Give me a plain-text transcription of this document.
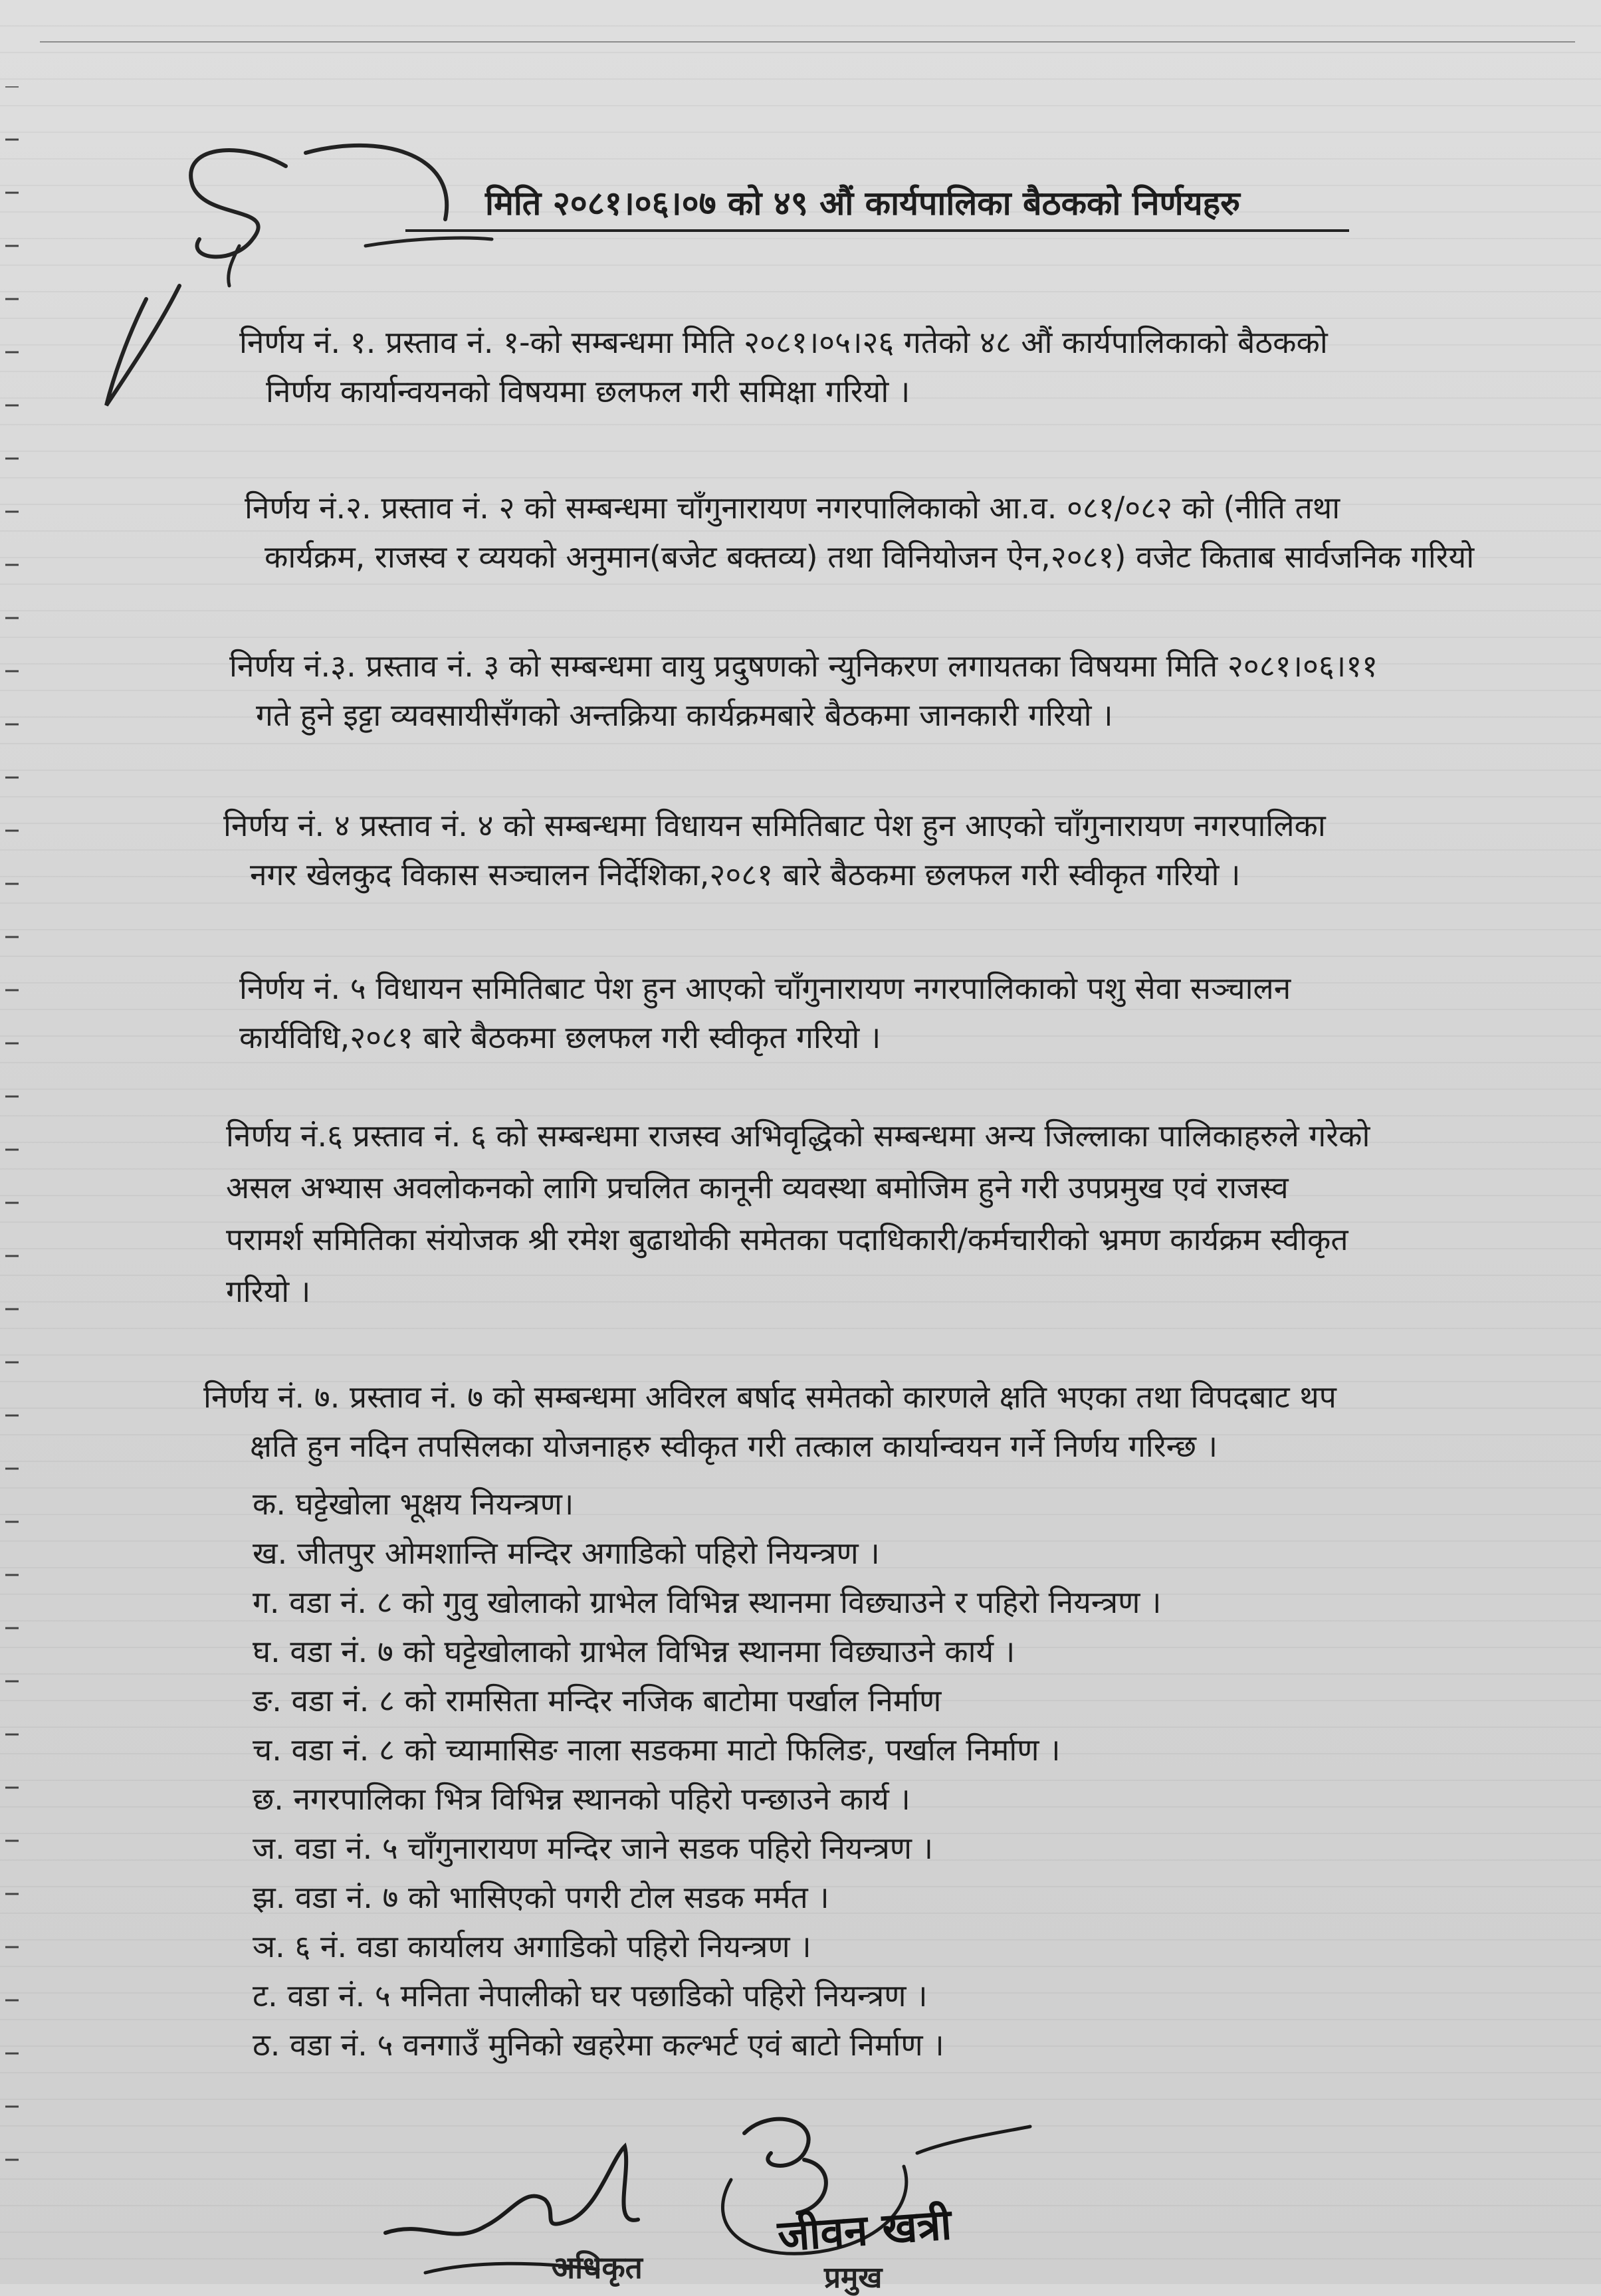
मिति २०८१।०६।०७ को ४९ औं कार्यपालिका बैठकको निर्णयहरु
निर्णय नं. १. प्रस्ताव नं. १-को सम्बन्धमा मिति २०८१।०५।२६ गतेको ४८ औं कार्यपालिकाको बैठकको
निर्णय कार्यान्वयनको विषयमा छलफल गरी समिक्षा गरियो ।
निर्णय नं.२. प्रस्ताव नं. २ को सम्बन्धमा चाँगुनारायण नगरपालिकाको आ.व. ०८१/०८२ को (नीति तथा
कार्यक्रम, राजस्व र व्ययको अनुमान(बजेट बक्तव्य) तथा विनियोजन ऐन,२०८१) वजेट किताब सार्वजनिक गरियो
निर्णय नं.३. प्रस्ताव नं. ३ को सम्बन्धमा वायु प्रदुषणको न्युनिकरण लगायतका विषयमा मिति २०८१।०६।११
गते हुने इट्टा व्यवसायीसँगको अन्तक्रिया कार्यक्रमबारे बैठकमा जानकारी गरियो ।
निर्णय नं. ४ प्रस्ताव नं. ४ को सम्बन्धमा विधायन समितिबाट पेश हुन आएको चाँगुनारायण नगरपालिका
नगर खेलकुद विकास सञ्चालन निर्देशिका,२०८१ बारे बैठकमा छलफल गरी स्वीकृत गरियो ।
निर्णय नं. ५ विधायन समितिबाट पेश हुन आएको चाँगुनारायण नगरपालिकाको पशु सेवा सञ्चालन
कार्यविधि,२०८१ बारे बैठकमा छलफल गरी स्वीकृत गरियो ।
निर्णय नं.६ प्रस्ताव नं. ६ को सम्बन्धमा राजस्व अभिवृद्धिको सम्बन्धमा अन्य जिल्लाका पालिकाहरुले गरेको
असल अभ्यास अवलोकनको लागि प्रचलित कानूनी व्यवस्था बमोजिम हुने गरी उपप्रमुख एवं राजस्व
परामर्श समितिका संयोजक श्री रमेश बुढाथोकी समेतका पदाधिकारी/कर्मचारीको भ्रमण कार्यक्रम स्वीकृत
गरियो ।
निर्णय नं. ७. प्रस्ताव नं. ७ को सम्बन्धमा अविरल बर्षाद समेतको कारणले क्षति भएका तथा विपदबाट थप
क्षति हुन नदिन तपसिलका योजनाहरु स्वीकृत गरी तत्काल कार्यान्वयन गर्ने निर्णय गरिन्छ ।
क. घट्टेखोला भूक्षय नियन्त्रण।
ख. जीतपुर ओमशान्ति मन्दिर अगाडिको पहिरो नियन्त्रण ।
ग. वडा नं. ८ को गुवु खोलाको ग्राभेल विभिन्न स्थानमा विछ्याउने र पहिरो नियन्त्रण ।
घ. वडा नं. ७ को घट्टेखोलाको ग्राभेल विभिन्न स्थानमा विछ्याउने कार्य ।
ङ. वडा नं. ८ को रामसिता मन्दिर नजिक बाटोमा पर्खाल निर्माण
च. वडा नं. ८ को च्यामासिङ नाला सडकमा माटो फिलिङ, पर्खाल निर्माण ।
छ. नगरपालिका भित्र विभिन्न स्थानको पहिरो पन्छाउने कार्य ।
ज. वडा नं. ५ चाँगुनारायण मन्दिर जाने सडक पहिरो नियन्त्रण ।
झ. वडा नं. ७ को भासिएको पगरी टोल सडक मर्मत ।
ञ. ६ नं. वडा कार्यालय अगाडिको पहिरो नियन्त्रण ।
ट. वडा नं. ५ मनिता नेपालीको घर पछाडिको पहिरो नियन्त्रण ।
ठ. वडा नं. ५ वनगाउँ मुनिको खहरेमा कल्भर्ट एवं बाटो निर्माण ।
अधिकृत
जीवन खत्री
प्रमुख
